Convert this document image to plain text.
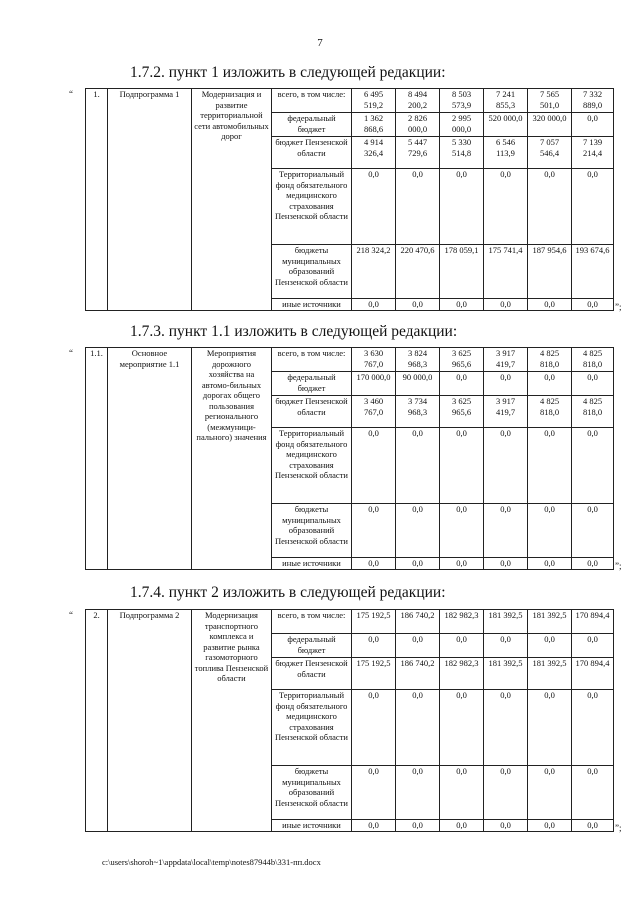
7
1.7.2. пункт 1 изложить в следующей редакции:
“ 1.	Подпрограмма 1	Модернизация и развитие территориальной сети автомобильных дорог	всего, в том числе:	6 495 519,2	8 494 200,2	8 503 573,9	7 241 855,3	7 565 501,0	7 332 889,0
			федеральный бюджет	1 362 868,6	2 826 000,0	2 995 000,0	520 000,0	320 000,0	0,0
			бюджет Пензенской области	4 914 326,4	5 447 729,6	5 330 514,8	6 546 113,9	7 057 546,4	7 139 214,4
			Территориальный фонд обязательного медицинского страхования Пензенской области	0,0	0,0	0,0	0,0	0,0	0,0
			бюджеты муниципальных образований Пензенской области	218 324,2	220 470,6	178 059,1	175 741,4	187 954,6	193 674,6
			иные источники	0,0	0,0	0,0	0,0	0,0	0,0 ”;
1.7.3. пункт 1.1 изложить в следующей редакции:
“ 1.1.	Основное мероприятие 1.1	Мероприятия дорожного хозяйства на автомо-бильных дорогах общего пользования регионального (межмуници-пального) значения	всего, в том числе:	3 630 767,0	3 824 968,3	3 625 965,6	3 917 419,7	4 825 818,0	4 825 818,0
			федеральный бюджет	170 000,0	90 000,0	0,0	0,0	0,0	0,0
			бюджет Пензенской области	3 460 767,0	3 734 968,3	3 625 965,6	3 917 419,7	4 825 818,0	4 825 818,0
			Территориальный фонд обязательного медицинского страхования Пензенской области	0,0	0,0	0,0	0,0	0,0	0,0
			бюджеты муниципальных образований Пензенской области	0,0	0,0	0,0	0,0	0,0	0,0
			иные источники	0,0	0,0	0,0	0,0	0,0	0,0 ”;
1.7.4. пункт 2 изложить в следующей редакции:
“ 2.	Подпрограмма 2	Модернизация транспортного комплекса и развитие рынка газомоторного топлива Пензенской области	всего, в том числе:	175 192,5	186 740,2	182 982,3	181 392,5	181 392,5	170 894,4
			федеральный бюджет	0,0	0,0	0,0	0,0	0,0	0,0
			бюджет Пензенской области	175 192,5	186 740,2	182 982,3	181 392,5	181 392,5	170 894,4
			Территориальный фонд обязательного медицинского страхования Пензенской области	0,0	0,0	0,0	0,0	0,0	0,0
			бюджеты муниципальных образований Пензенской области	0,0	0,0	0,0	0,0	0,0	0,0
			иные источники	0,0	0,0	0,0	0,0	0,0	0,0 ”;
c:\users\shoroh~1\appdata\local\temp\notes87944b\331-пп.docx
